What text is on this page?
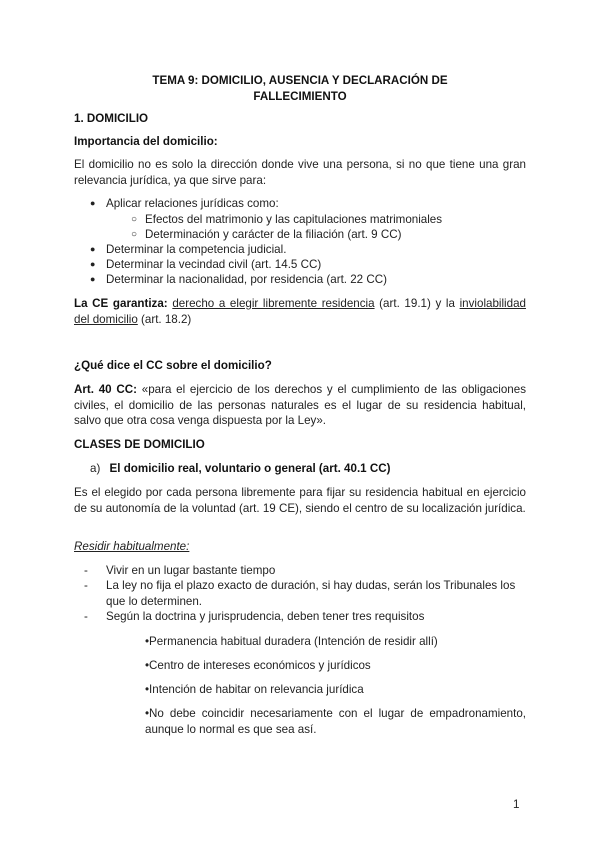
TEMA 9: DOMICILIO, AUSENCIA Y DECLARACIÓN DE
FALLECIMIENTO

1. DOMICILIO

Importancia del domicilio:

El domicilio no es solo la dirección donde vive una persona, si no que tiene una gran relevancia jurídica, ya que sirve para:

● Aplicar relaciones jurídicas como:
○ Efectos del matrimonio y las capitulaciones matrimoniales
○ Determinación y carácter de la filiación (art. 9 CC)
● Determinar la competencia judicial.
● Determinar la vecindad civil (art. 14.5 CC)
● Determinar la nacionalidad, por residencia (art. 22 CC)

La CE garantiza: derecho a elegir libremente residencia (art. 19.1) y la inviolabilidad del domicilio (art. 18.2)

¿Qué dice el CC sobre el domicilio?

Art. 40 CC: «para el ejercicio de los derechos y el cumplimiento de las obligaciones civiles, el domicilio de las personas naturales es el lugar de su residencia habitual, salvo que otra cosa venga dispuesta por la Ley».

CLASES DE DOMICILIO

a) El domicilio real, voluntario o general (art. 40.1 CC)

Es el elegido por cada persona libremente para fijar su residencia habitual en ejercicio de su autonomía de la voluntad (art. 19 CE), siendo el centro de su localización jurídica.

Residir habitualmente:

- Vivir en un lugar bastante tiempo
- La ley no fija el plazo exacto de duración, si hay dudas, serán los Tribunales los que lo determinen.
- Según la doctrina y jurisprudencia, deben tener tres requisitos

•Permanencia habitual duradera (Intención de residir allí)

•Centro de intereses económicos y jurídicos

•Intención de habitar on relevancia jurídica

•No debe coincidir necesariamente con el lugar de empadronamiento, aunque lo normal es que sea así.

1
